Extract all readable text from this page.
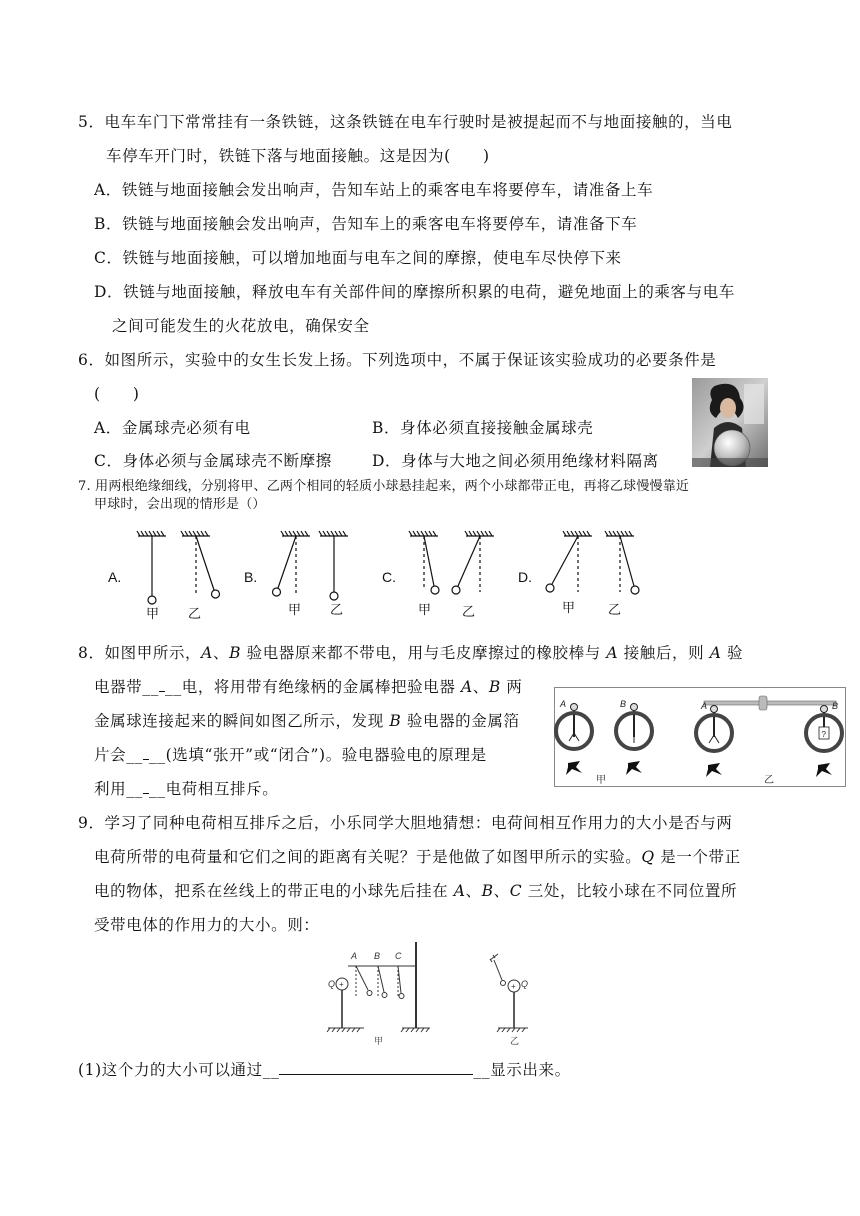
5．电车车门下常常挂有一条铁链，这条铁链在电车行驶时是被提起而不与地面接触的，当电
车停车开门时，铁链下落与地面接触。这是因为(　　)
A．铁链与地面接触会发出响声，告知车站上的乘客电车将要停车，请准备上车
B．铁链与地面接触会发出响声，告知车上的乘客电车将要停车，请准备下车
C．铁链与地面接触，可以增加地面与电车之间的摩擦，使电车尽快停下来
D．铁链与地面接触，释放电车有关部件间的摩擦所积累的电荷，避免地面上的乘客与电车
之间可能发生的火花放电，确保安全
6．如图所示，实验中的女生长发上扬。下列选项中，不属于保证该实验成功的必要条件是
(　　)
A．金属球壳必须有电	B．身体必须直接接触金属球壳
C．身体必须与金属球壳不断摩擦	D．身体与大地之间必须用绝缘材料隔离
7. 用两根绝缘细线，分别将甲、乙两个相同的轻质小球悬挂起来，两个小球都带正电，再将乙球慢慢靠近
甲球时，会出现的情形是（）
A.	B.	C.	D.
甲 乙	甲 乙	甲 乙	甲	乙
8．如图甲所示，A、B 验电器原来都不带电，用与毛皮摩擦过的橡胶棒与 A 接触后，则 A 验
电器带__ __电，将用带有绝缘柄的金属棒把验电器 A、B 两
金属球连接起来的瞬间如图乙所示，发现 B 验电器的金属箔
片会__ __(选填“张开”或“闭合”)。验电器验电的原理是
利用__ __电荷相互排斥。
A	B	A	B
?
甲	乙
9．学习了同种电荷相互排斥之后，小乐同学大胆地猜想：电荷间相互作用力的大小是否与两
电荷所带的电荷量和它们之间的距离有关呢？于是他做了如图甲所示的实验。Q 是一个带正
电的物体，把系在丝线上的带正电的小球先后挂在 A、B、C 三处，比较小球在不同位置所
受带电体的作用力的大小。则：
+	+
A B C
Q	Q
甲	乙
(1)这个力的大小可以通过__	__显示出来。
